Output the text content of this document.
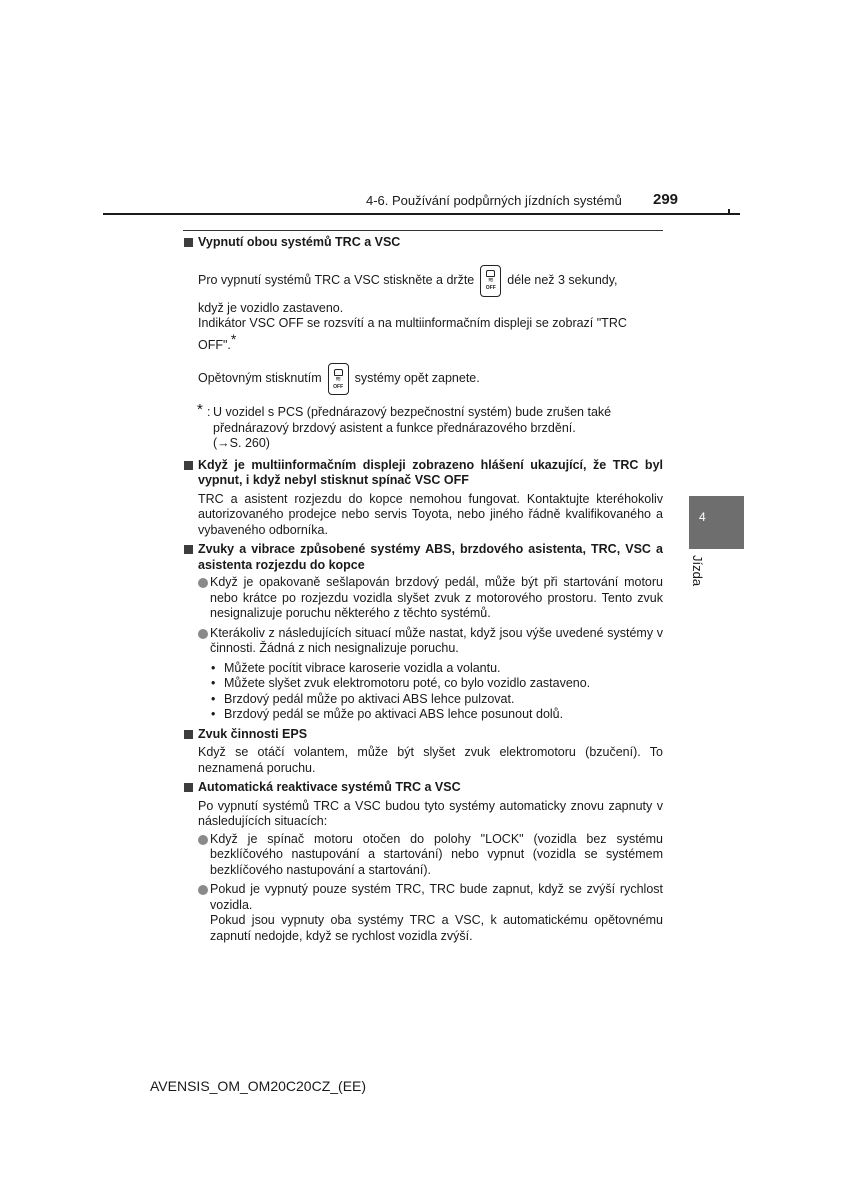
4-6. Používání podpůrných jízdních systémů 299
4
Jízda
Vypnutí obou systémů TRC a VSC
Pro vypnutí systémů TRC a VSC stiskněte a držte ≋
OFF
déle než 3 sekundy,
když je vozidlo zastaveno.
Indikátor VSC OFF se rozsvítí a na multiinformačním displeji se zobrazí "TRC
OFF".*
Opětovným stisknutím ≋
OFF
systémy opět zapnete.
* : U vozidel s PCS (přednárazový bezpečnostní systém) bude zrušen také
přednárazový brzdový asistent a funkce přednárazového brzdění.
(→S. 260)
Když je multiinformačním displeji zobrazeno hlášení ukazující, že TRC byl vypnut, i když nebyl stisknut spínač VSC OFF
TRC a asistent rozjezdu do kopce nemohou fungovat. Kontaktujte kteréhokoliv autorizovaného prodejce nebo servis Toyota, nebo jiného řádně kvalifikovaného a vybaveného odborníka.
Zvuky a vibrace způsobené systémy ABS, brzdového asistenta, TRC, VSC a asistenta rozjezdu do kopce
Když je opakovaně sešlapován brzdový pedál, může být při startování motoru nebo krátce po rozjezdu vozidla slyšet zvuk z motorového prostoru. Tento zvuk nesignalizuje poruchu některého z těchto systémů.
Kterákoliv z následujících situací může nastat, když jsou výše uvedené systémy v činnosti. Žádná z nich nesignalizuje poruchu.
• Můžete pocítit vibrace karoserie vozidla a volantu.
• Můžete slyšet zvuk elektromotoru poté, co bylo vozidlo zastaveno.
• Brzdový pedál může po aktivaci ABS lehce pulzovat.
• Brzdový pedál se může po aktivaci ABS lehce posunout dolů.
Zvuk činnosti EPS
Když se otáčí volantem, může být slyšet zvuk elektromotoru (bzučení). To neznamená poruchu.
Automatická reaktivace systémů TRC a VSC
Po vypnutí systémů TRC a VSC budou tyto systémy automaticky znovu zapnuty v následujících situacích:
Když je spínač motoru otočen do polohy "LOCK" (vozidla bez systému bezklíčového nastupování a startování) nebo vypnut (vozidla se systémem bezklíčového nastupování a startování).
Pokud je vypnutý pouze systém TRC, TRC bude zapnut, když se zvýší rychlost vozidla.
Pokud jsou vypnuty oba systémy TRC a VSC, k automatickému opětovnému zapnutí nedojde, když se rychlost vozidla zvýší.
AVENSIS_OM_OM20C20CZ_(EE)
